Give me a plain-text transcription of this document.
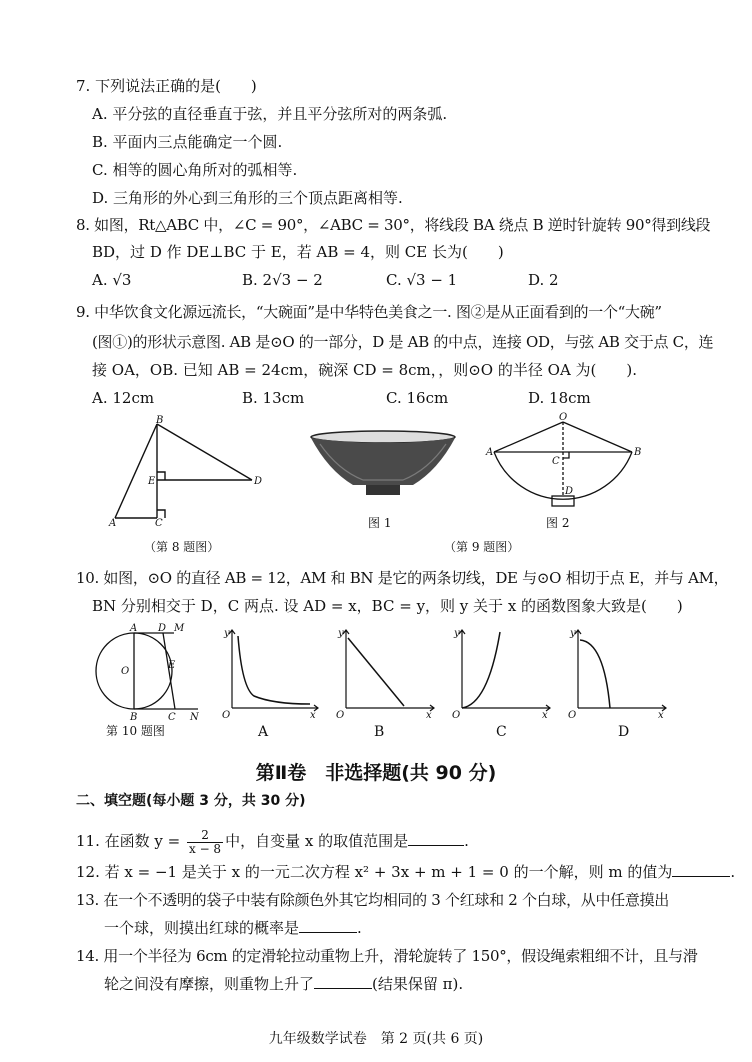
7. 下列说法正确的是(　　)
A. 平分弦的直径垂直于弦，并且平分弦所对的两条弧.
B. 平面内三点能确定一个圆.
C. 相等的圆心角所对的弧相等.
D. 三角形的外心到三角形的三个顶点距离相等.
8. 如图，Rt△ABC 中，∠C = 90°，∠ABC = 30°，将线段 BA 绕点 B 逆时针旋转 90°得到线段
BD，过 D 作 DE⊥BC 于 E，若 AB = 4，则 CE 长为(　　)
A. √3	B. 2√3 − 2	C. √3 − 1	D. 2
9. 中华饮食文化源远流长，“大碗面”是中华特色美食之一. 图②是从正面看到的一个“大碗”
(图①)的形状示意图. AB 是⊙O 的一部分，D 是 AB 的中点，连接 OD，与弦 AB 交于点 C，连
接 OA，OB. 已知 AB = 24cm，碗深 CD = 8cm，，则⊙O 的半径 OA 为(　　).
A. 12cm	B. 13cm	C. 16cm	D. 18cm
B
E	D
A	C
（第 8 题图）
图 1
O
A	B
C
D
图 2
（第 9 题图）
10. 如图，⊙O 的直径 AB = 12，AM 和 BN 是它的两条切线，DE 与⊙O 相切于点 E，并与 AM，
BN 分别相交于 D，C 两点. 设 AD = x，BC = y，则 y 关于 x 的函数图象大致是(　　)
A D M
O
E
B	C N
第 10 题图
y
O	x
y
O	x
y
O	x
y
O	x
A	B	C	D
第Ⅱ卷　非选择题(共 90 分)
二、填空题(每小题 3 分，共 30 分)
11. 在函数 $y = \frac{2}{x - 8}$ 中，自变量 x 的取值范围是	.
12. 若 x = −1 是关于 x 的一元二次方程 x² + 3x + m + 1 = 0 的一个解，则 m 的值为	.
13. 在一个不透明的袋子中装有除颜色外其它均相同的 3 个红球和 2 个白球，从中任意摸出
一个球，则摸出红球的概率是	.
14. 用一个半径为 6cm 的定滑轮拉动重物上升，滑轮旋转了 150°，假设绳索粗细不计，且与滑
轮之间没有摩擦，则重物上升了	(结果保留 π).
九年级数学试卷　第 2 页(共 6 页)
